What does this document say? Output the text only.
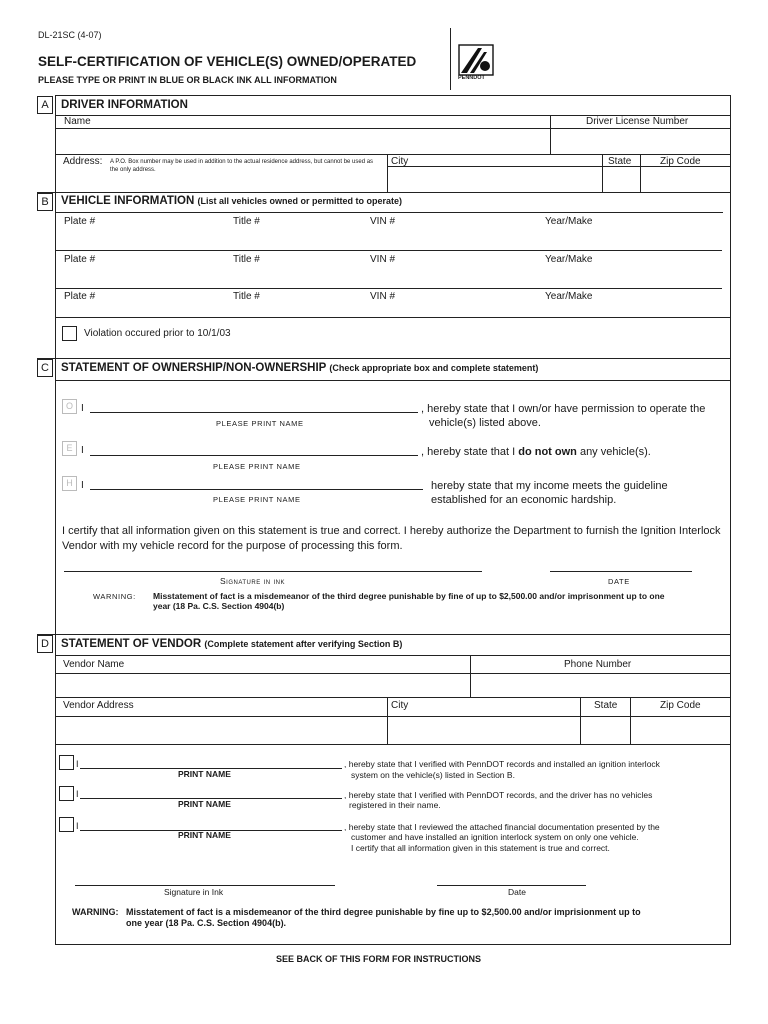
DL-21SC (4-07)
SELF-CERTIFICATION OF VEHICLE(S) OWNED/OPERATED
PLEASE TYPE OR PRINT IN BLUE OR BLACK INK ALL INFORMATION	PENNDOT
A	DRIVER INFORMATION
Name	Driver License Number
Address: A P.O. Box number may be used in addition to the actual residence address, but cannot be used as the only address.
City	State	Zip Code
B	VEHICLE INFORMATION (List all vehicles owned or permitted to operate)
Plate #	Title #	VIN #	Year/Make
Plate #	Title #	VIN #	Year/Make
Plate #	Title #	VIN #	Year/Make
Violation occured prior to 10/1/03
C	STATEMENT OF OWNERSHIP/NON-OWNERSHIP (Check appropriate box and complete statement)
O I
PLEASE PRINT NAME
, hereby state that I own/or have permission to operate the
vehicle(s) listed above.
E I
PLEASE PRINT NAME
, hereby state that I do not own any vehicle(s).
H I
PLEASE PRINT NAME
hereby state that my income meets the guideline
established for an economic hardship.
I certify that all information given on this statement is true and correct. I hereby authorize the Department to furnish the Ignition Interlock Vendor with my vehicle record for the purpose of processing this form.
Signature in ink	DATE
WARNING: Misstatement of fact is a misdemeanor of the third degree punishable by fine of up to $2,500.00 and/or imprisonment up to one year (18 Pa. C.S. Section 4904(b)
D	STATEMENT OF VENDOR (Complete statement after verifying Section B)
Vendor Name	Phone Number
Vendor Address	City	State	Zip Code
I
PRINT NAME
, hereby state that I verified with PennDOT records and installed an ignition interlock
system on the vehicle(s) listed in Section B.
I
PRINT NAME
, hereby state that I verified with PennDOT records, and the driver has no vehicles
registered in their name.
I
PRINT NAME
, hereby state that I reviewed the attached financial documentation presented by the
customer and have installed an ignition interlock system on only one vehicle.
I certify that all information given in this statement is true and correct.
Signature in Ink	Date
WARNING: Misstatement of fact is a misdemeanor of the third degree punishable by fine up to $2,500.00 and/or imprisionment up to
one year (18 Pa. C.S. Section 4904(b).
SEE BACK OF THIS FORM FOR INSTRUCTIONS
